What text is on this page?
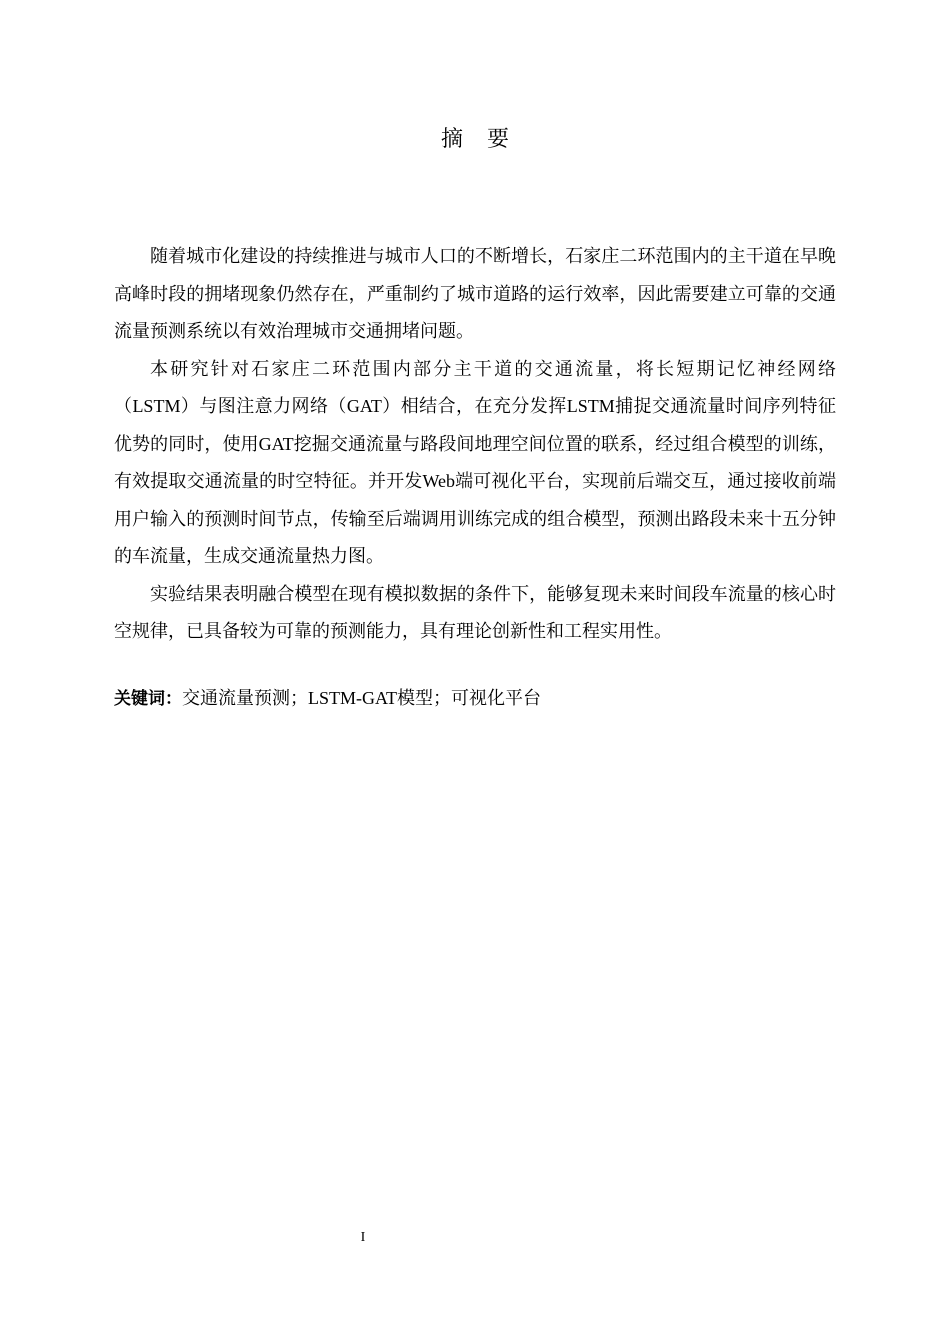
摘 要

随着城市化建设的持续推进与城市人口的不断增长，石家庄二环范围内的主干道在早晚高峰时段的拥堵现象仍然存在，严重制约了城市道路的运行效率，因此需要建立可靠的交通流量预测系统以有效治理城市交通拥堵问题。

本研究针对石家庄二环范围内部分主干道的交通流量，将长短期记忆神经网络（LSTM）与图注意力网络（GAT）相结合，在充分发挥LSTM捕捉交通流量时间序列特征优势的同时，使用GAT挖掘交通流量与路段间地理空间位置的联系，经过组合模型的训练，有效提取交通流量的时空特征。并开发Web端可视化平台，实现前后端交互，通过接收前端用户输入的预测时间节点，传输至后端调用训练完成的组合模型，预测出路段未来十五分钟的车流量，生成交通流量热力图。

实验结果表明融合模型在现有模拟数据的条件下，能够复现未来时间段车流量的核心时空规律，已具备较为可靠的预测能力，具有理论创新性和工程实用性。

关键词：交通流量预测；LSTM-GAT模型；可视化平台
I
